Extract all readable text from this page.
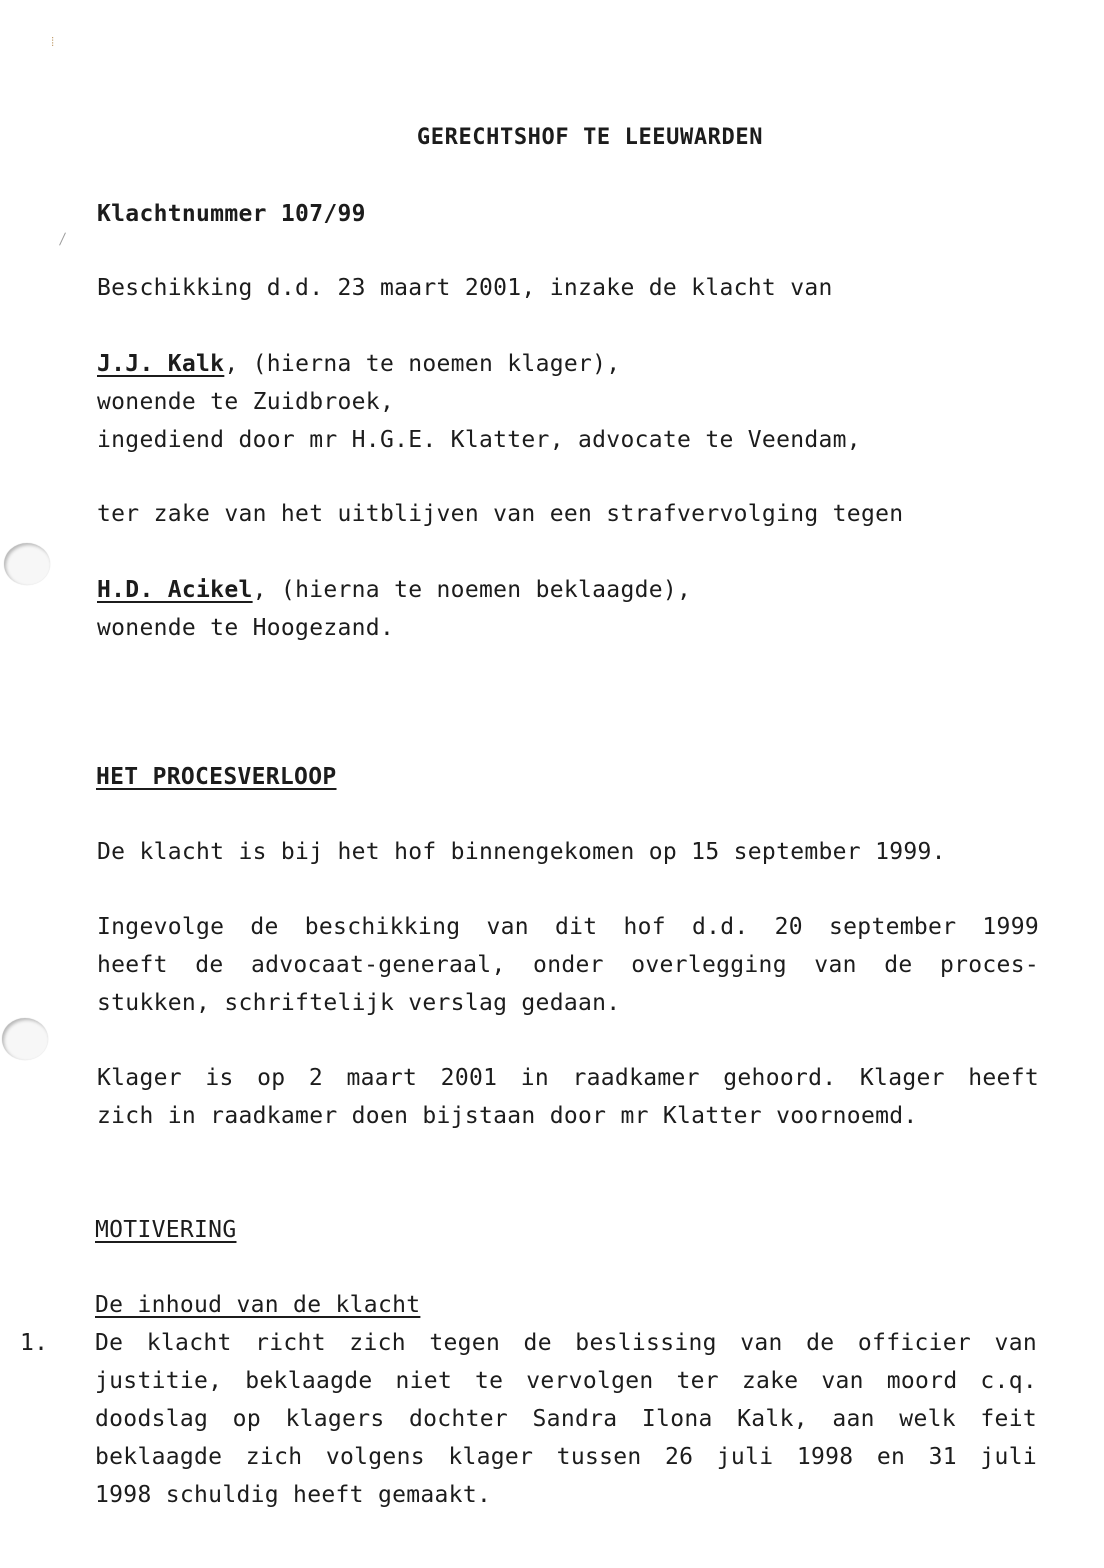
⁞
GERECHTSHOF TE LEEUWARDEN
Klachtnummer 107/99
Beschikking d.d. 23 maart 2001, inzake de klacht van
J.J. Kalk, (hierna te noemen klager),
wonende te Zuidbroek,
ingediend door mr H.G.E. Klatter, advocate te Veendam,
ter zake van het uitblijven van een strafvervolging tegen
H.D. Acikel, (hierna te noemen beklaagde),
wonende te Hoogezand.
HET PROCESVERLOOP
De klacht is bij het hof binnengekomen op 15 september 1999.
Ingevolge de beschikking van dit hof d.d. 20 september 1999
heeft de advocaat-generaal, onder overlegging van de proces-
stukken, schriftelijk verslag gedaan.
Klager is op 2 maart 2001 in raadkamer gehoord. Klager heeft
zich in raadkamer doen bijstaan door mr Klatter voornoemd.
MOTIVERING
De inhoud van de klacht
1. De klacht richt zich tegen de beslissing van de officier van
justitie, beklaagde niet te vervolgen ter zake van moord c.q.
doodslag op klagers dochter Sandra Ilona Kalk, aan welk feit
beklaagde zich volgens klager tussen 26 juli 1998 en 31 juli
1998 schuldig heeft gemaakt.
